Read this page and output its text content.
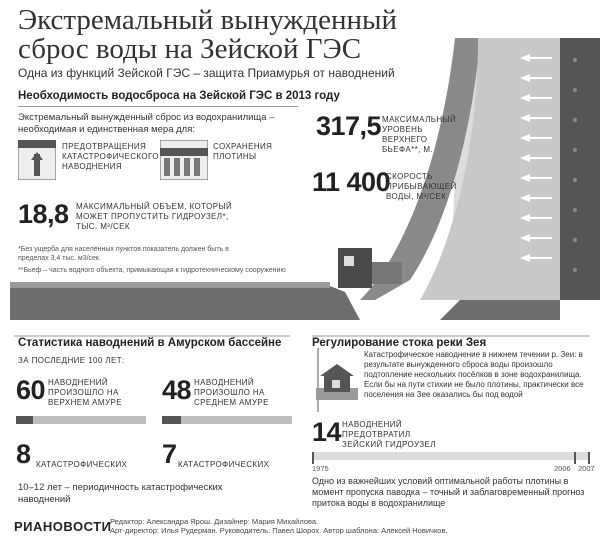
Экстремальный вынужденный сброс воды на Зейской ГЭС
Одна из функций Зейской ГЭС – защита Приамурья от наводнений
Необходимость водосброса на Зейской ГЭС в 2013 году
Экстремальный вынужденный сброс из водохранилища – необходимая и единственная мера для:
ПРЕДОТВРАЩЕНИЯ КАТАСТРОФИЧЕСКОГО НАВОДНЕНИЯ
СОХРАНЕНИЯ ПЛОТИНЫ
18,8 МАКСИМАЛЬНЫЙ ОБЪЕМ, КОТОРЫЙ МОЖЕТ ПРОПУСТИТЬ ГИДРОУЗЕЛ*, ТЫС. М³/СЕК
*Без ущерба для населённых пунктов показатель должен быть в пределах 3,4 тыс. м3/сек.
**Бьеф – часть водного объекта, примыкающая к гидротехническому сооружению
317,5 МАКСИМАЛЬНЫЙ УРОВЕНЬ ВЕРХНЕГО БЬЕФА**, М.
11 400
СКОРОСТЬ ПРИБЫВАЮЩЕЙ ВОДЫ, М³/СЕК
Статистика наводнений в Амурском бассейне
ЗА ПОСЛЕДНИЕ 100 ЛЕТ:
60 НАВОДНЕНИЙ ПРОИЗОШЛО НА ВЕРХНЕМ АМУРЕ
8 КАТАСТРОФИЧЕСКИХ
48 НАВОДНЕНИЙ ПРОИЗОШЛО НА СРЕДНЕМ АМУРЕ
7 КАТАСТРОФИЧЕСКИХ
10–12 лет – периодичность катастрофических наводнений
Регулирование стока реки Зея
Катастрофическое наводнение в нижнем течении р. Зеи: в результате вынужденного сброса воды произошло подтопление нескольких посёлков в зоне водохранилища. Если бы на пути стихии не было плотины, практически все поселения на Зее оказались бы под водой
14 НАВОДНЕНИЙ ПРЕДОТВРАТИЛ ЗЕЙСКИЙ ГИДРОУЗЕЛ
1975	2006 2007
Одно из важнейших условий оптимальной работы плотины в момент пропуска паводка – точный и заблаговременный прогноз притока воды в водохранилище
РИАНОВОСТИ
Редактор: Александра Ярош. Дизайнер: Мария Михайлова.
Арт-директор: Илья Рудерман. Руководитель: Павел Шорох. Автор шаблона: Алексей Новичков.
